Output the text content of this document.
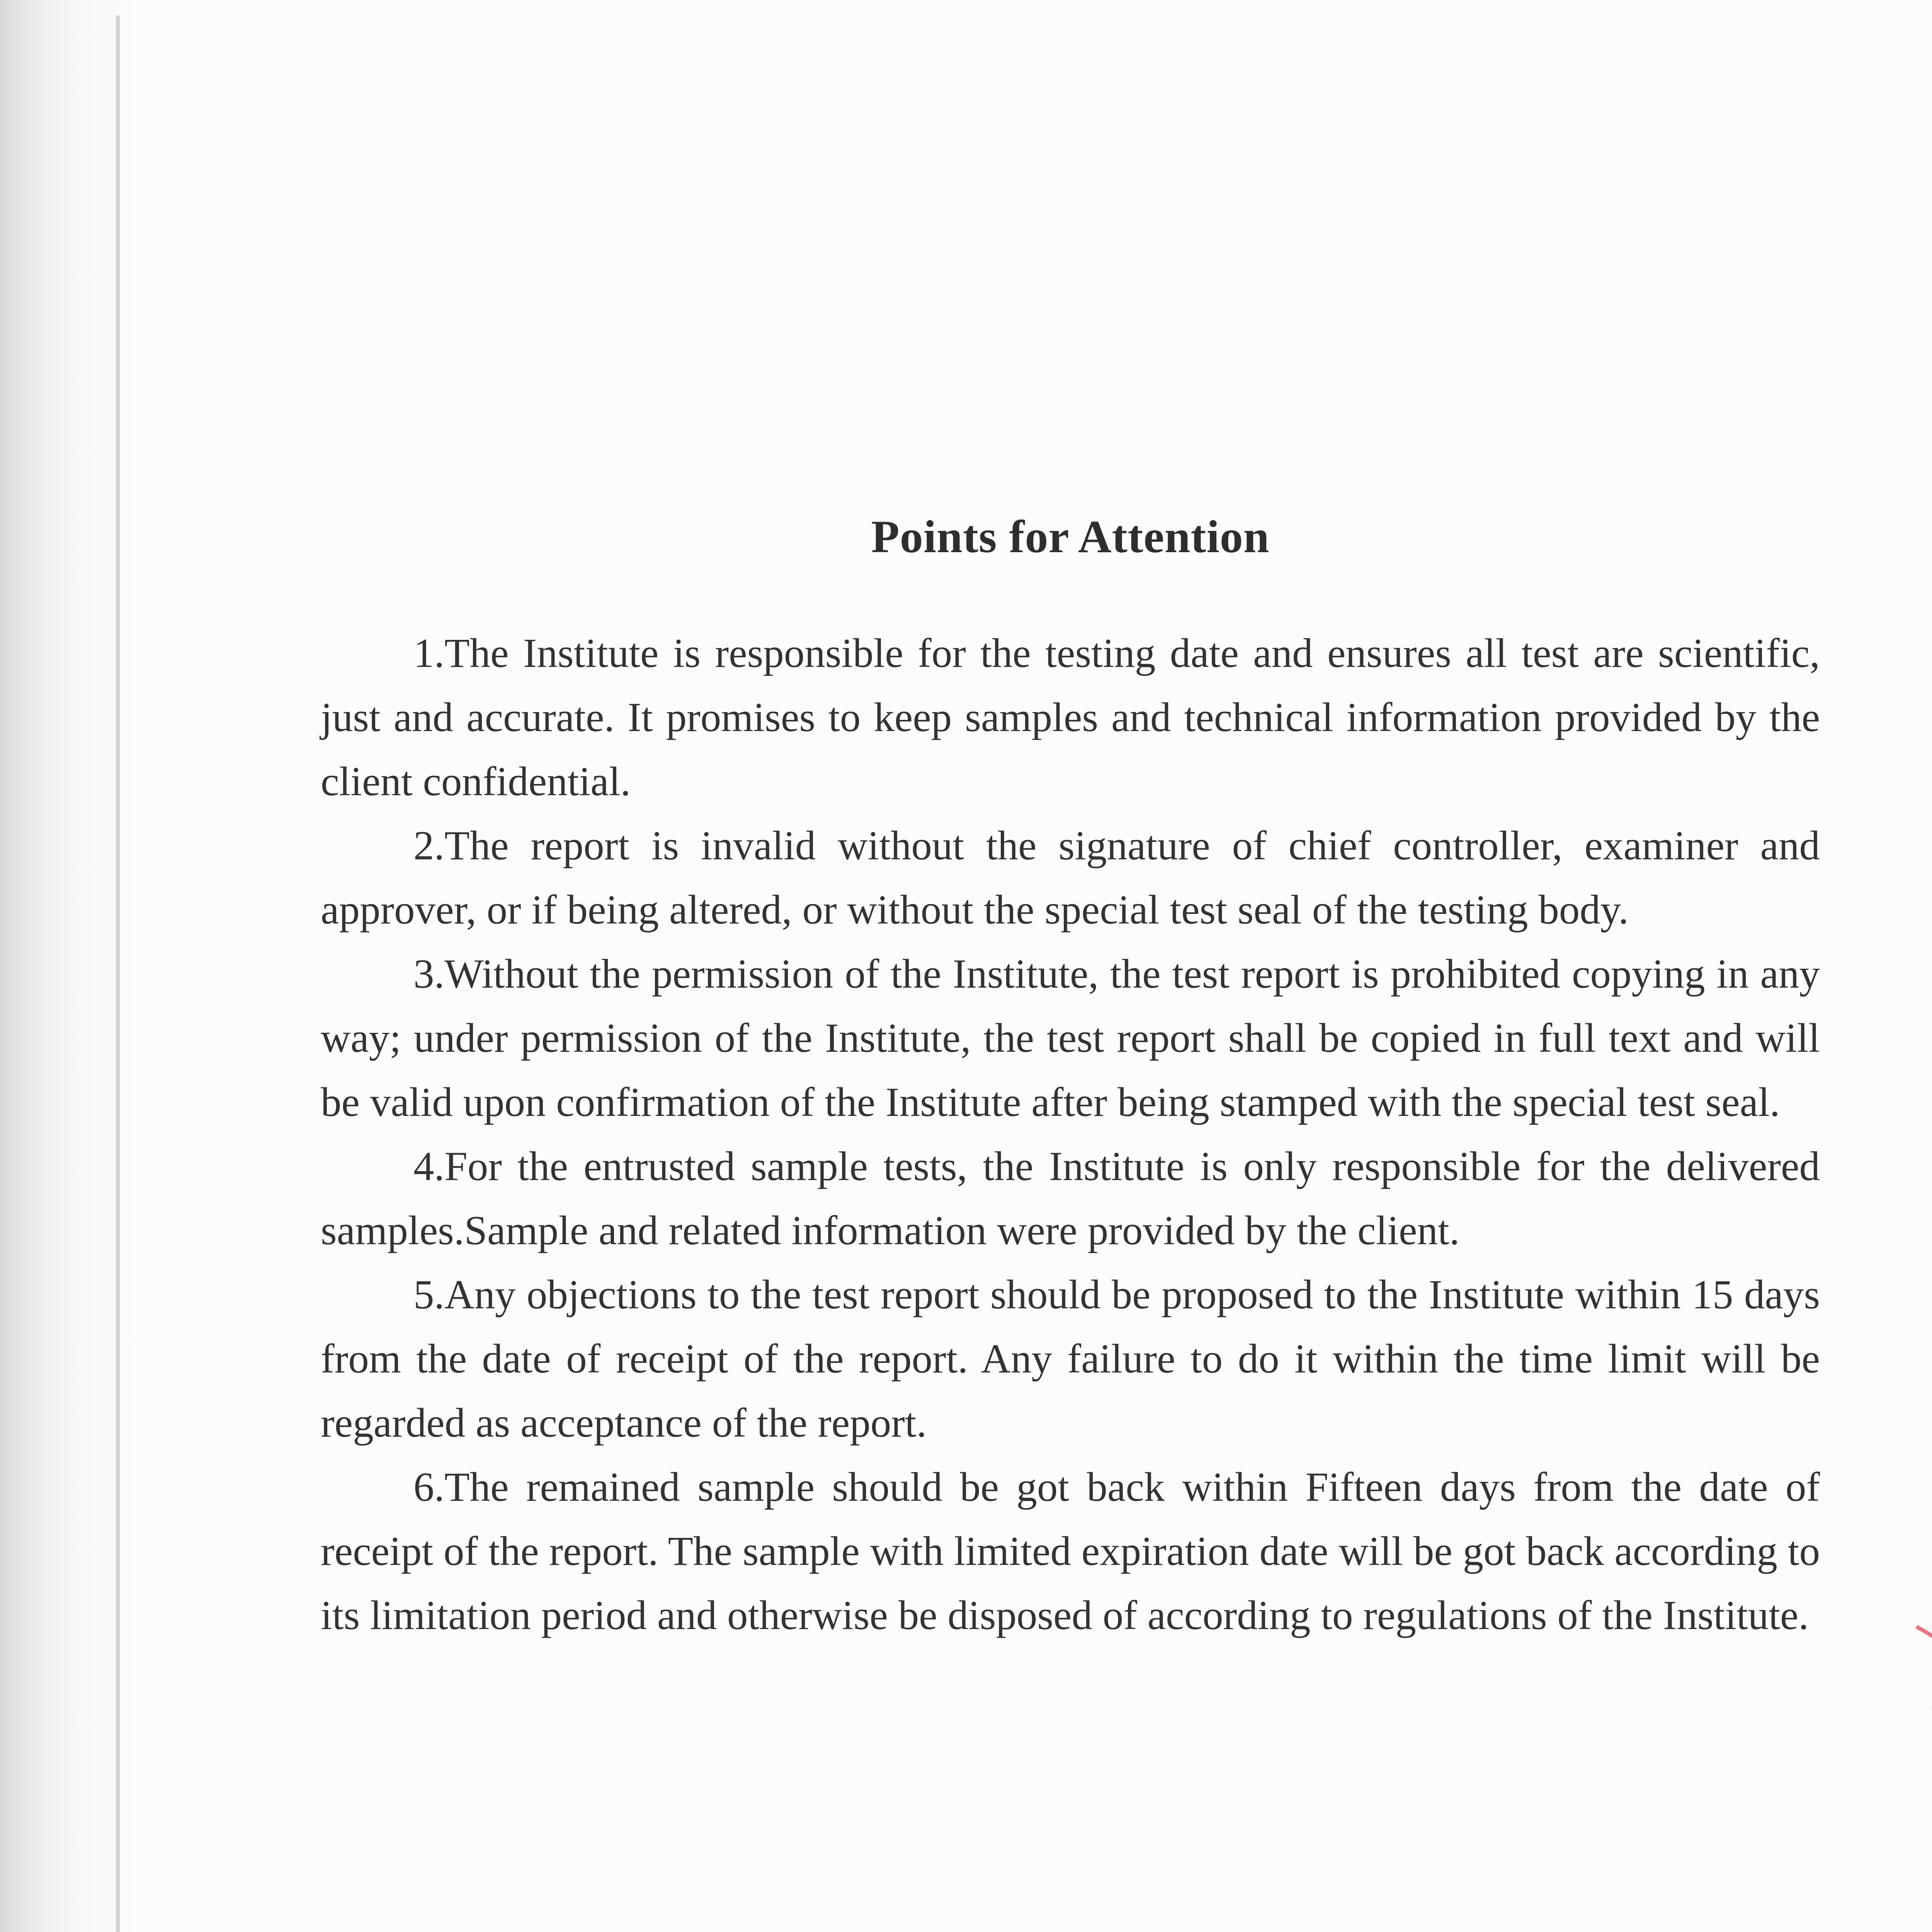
Points for Attention
1.The Institute is responsible for the testing date and ensures all test are scientific, just and accurate. It promises to keep samples and technical information provided by the client confidential.
2.The report is invalid without the signature of chief controller, examiner and approver, or if being altered, or without the special test seal of the testing body.
3.Without the permission of the Institute, the test report is prohibited copying in any way; under permission of the Institute, the test report shall be copied in full text and will be valid upon confirmation of the Institute after being stamped with the special test seal.
4.For the entrusted sample tests, the Institute is only responsible for the delivered samples.Sample and related information were provided by the client.
5.Any objections to the test report should be proposed to the Institute within 15 days from the date of receipt of the report. Any failure to do it within the time limit will be regarded as acceptance of the report.
6.The remained sample should be got back within Fifteen days from the date of receipt of the report. The sample with limited expiration date will be got back according to its limitation period and otherwise be disposed of according to regulations of the Institute.
